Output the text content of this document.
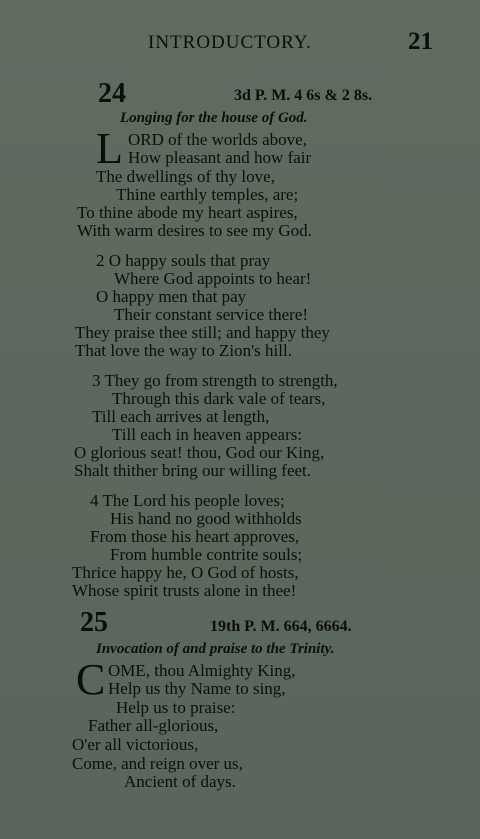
INTRODUCTORY.	21
24	3d P. M. 4 6s & 2 8s.
Longing for the house of God.
L ORD of the worlds above,
How pleasant and how fair
The dwellings of thy love,
Thine earthly temples, are;
To thine abode my heart aspires,
With warm desires to see my God.
2 O happy souls that pray
Where God appoints to hear!
O happy men that pay
Their constant service there!
They praise thee still; and happy they
That love the way to Zion's hill.
3 They go from strength to strength,
Through this dark vale of tears,
Till each arrives at length,
Till each in heaven appears:
O glorious seat! thou, God our King,
Shalt thither bring our willing feet.
4 The Lord his people loves;
His hand no good withholds
From those his heart approves,
From humble contrite souls;
Thrice happy he, O God of hosts,
Whose spirit trusts alone in thee!
25	19th P. M. 664, 6664.
Invocation of and praise to the Trinity.
C OME, thou Almighty King,
Help us thy Name to sing,
Help us to praise:
Father all-glorious,
O'er all victorious,
Come, and reign over us,
Ancient of days.
